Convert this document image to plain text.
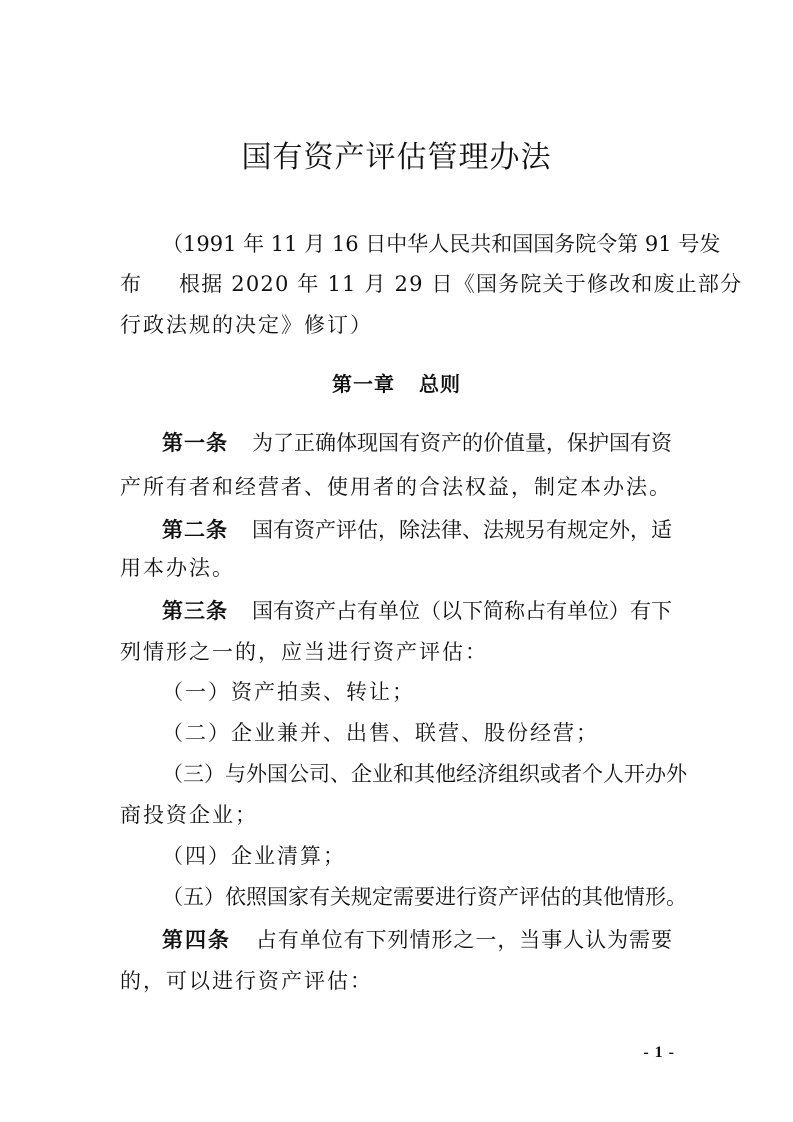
国有资产评估管理办法
（1991 年 11 月 16 日中华人民共和国国务院令第 91 号发
布 根据 2020 年 11 月 29 日《国务院关于修改和废止部分
行政法规的决定》修订）
第一章 总则
第一条 为了正确体现国有资产的价值量，保护国有资
产所有者和经营者、使用者的合法权益，制定本办法。
第二条 国有资产评估，除法律、法规另有规定外，适
用本办法。
第三条 国有资产占有单位（以下简称占有单位）有下
列情形之一的，应当进行资产评估：
（一）资产拍卖、转让；
（二）企业兼并、出售、联营、股份经营；
（三）与外国公司、企业和其他经济组织或者个人开办外
商投资企业；
（四）企业清算；
（五）依照国家有关规定需要进行资产评估的其他情形。
第四条 占有单位有下列情形之一，当事人认为需要
的，可以进行资产评估：
- 1 -
